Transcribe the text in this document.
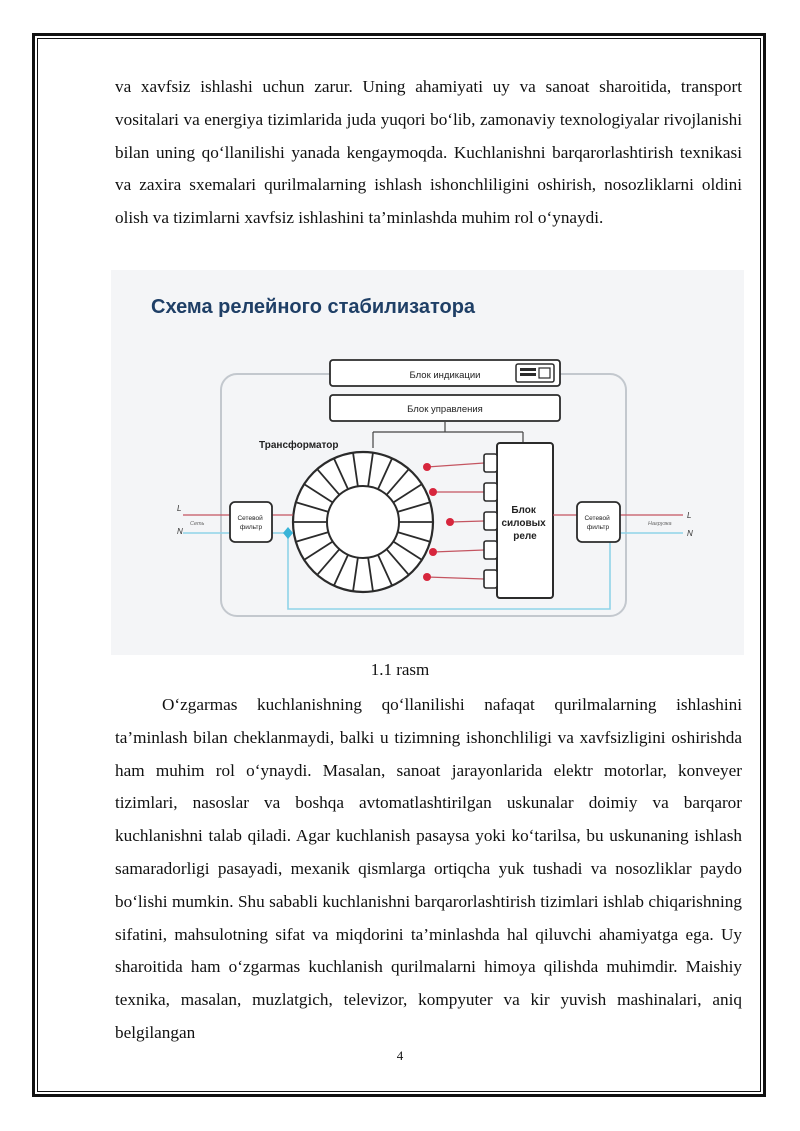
va xavfsiz ishlashi uchun zarur. Uning ahamiyati uy va sanoat sharoitida, transport vositalari va energiya tizimlarida juda yuqori bo‘lib, zamonaviy texnologiyalar rivojlanishi bilan uning qo‘llanilishi yanada kengaymoqda. Kuchlanishni barqarorlashtirish texnikasi va zaxira sxemalari qurilmalarning ishlash ishonchliligini oshirish, nosozliklarni oldini olish va tizimlarni xavfsiz ishlashini ta’minlashda muhim rol o‘ynaydi.

Схема релейного стабилизатора
Блок индикации
Блок управления
Трансформатор
Блок силовых реле
L
N
Сеть
Сетевой фильтр
Сетевой фильтр
L
N
Нагрузка

1.1 rasm

O‘zgarmas kuchlanishning qo‘llanilishi nafaqat qurilmalarning ishlashini ta’minlash bilan cheklanmaydi, balki u tizimning ishonchliligi va xavfsizligini oshirishda ham muhim rol o‘ynaydi. Masalan, sanoat jarayonlarida elektr motorlar, konveyer tizimlari, nasoslar va boshqa avtomatlashtirilgan uskunalar doimiy va barqaror kuchlanishni talab qiladi. Agar kuchlanish pasaysa yoki ko‘tarilsa, bu uskunaning ishlash samaradorligi pasayadi, mexanik qismlarga ortiqcha yuk tushadi va nosozliklar paydo bo‘lishi mumkin. Shu sababli kuchlanishni barqarorlashtirish tizimlari ishlab chiqarishning sifatini, mahsulotning sifat va miqdorini ta’minlashda hal qiluvchi ahamiyatga ega. Uy sharoitida ham o‘zgarmas kuchlanish qurilmalarni himoya qilishda muhimdir. Maishiy texnika, masalan, muzlatgich, televizor, kompyuter va kir yuvish mashinalari, aniq belgilangan

4
